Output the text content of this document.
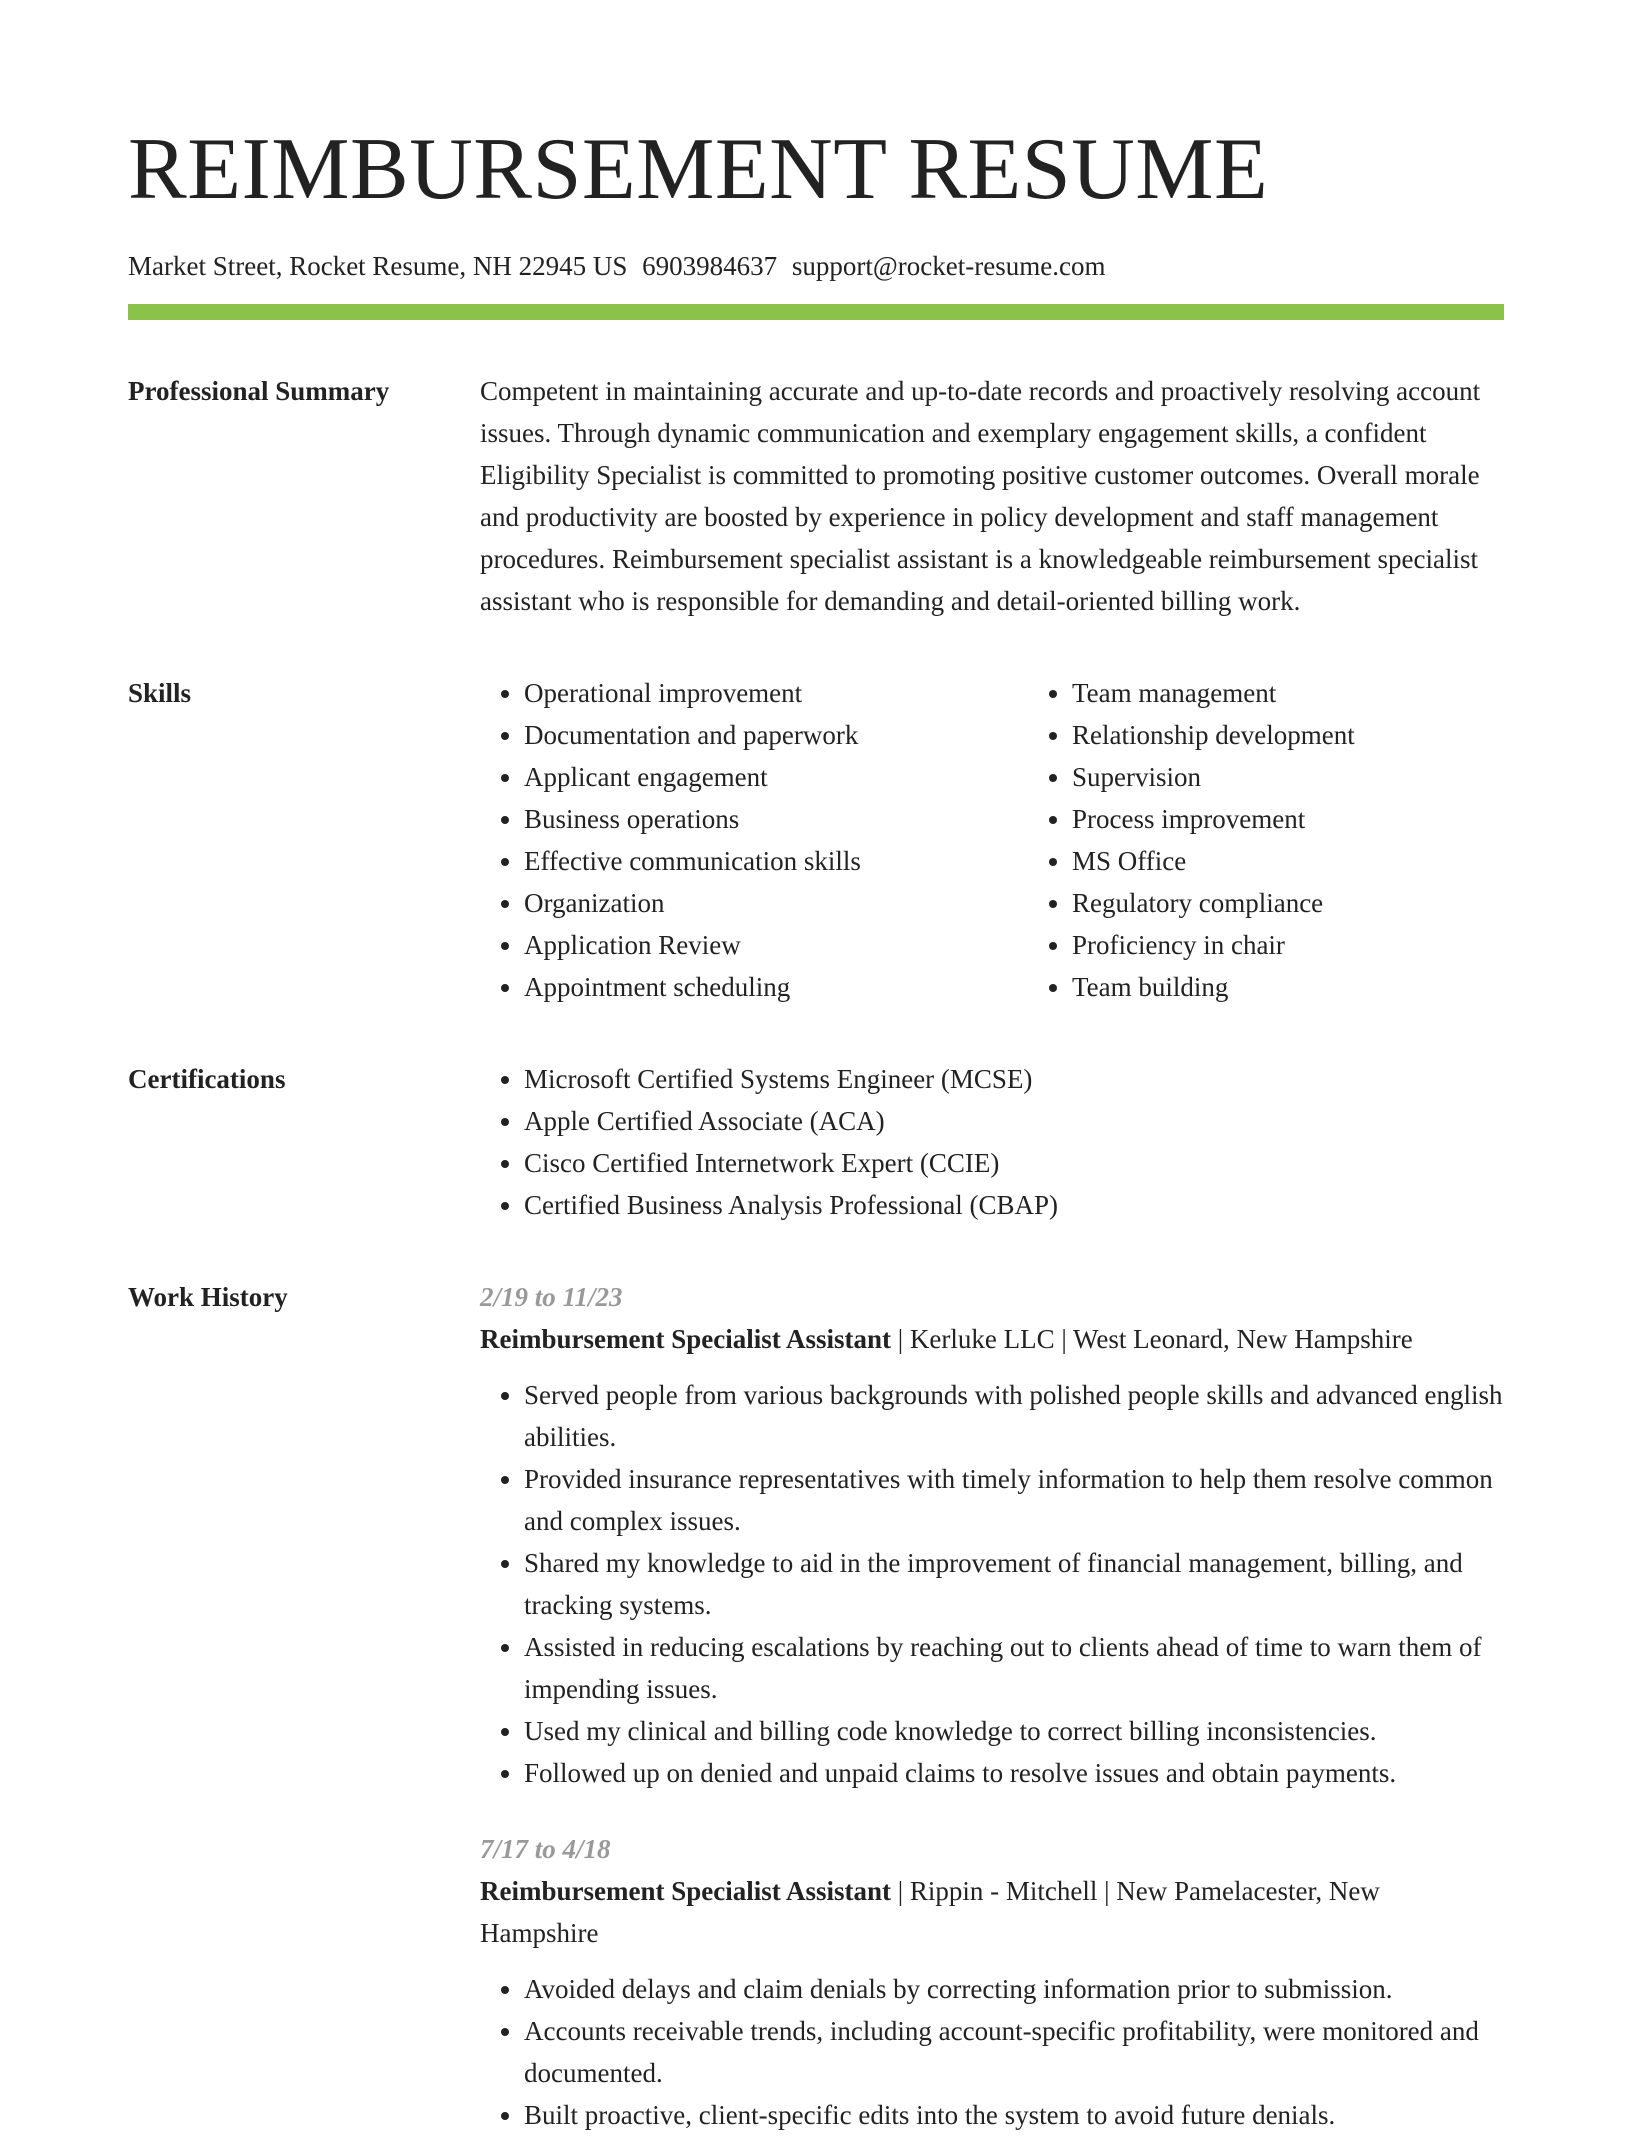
REIMBURSEMENT RESUME
Market Street, Rocket Resume, NH 22945 US 6903984637 support@rocket-resume.com
Professional Summary	Competent in maintaining accurate and up-to-date records and proactively resolving account issues. Through dynamic communication and exemplary engagement skills, a confident Eligibility Specialist is committed to promoting positive customer outcomes. Overall morale and productivity are boosted by experience in policy development and staff management procedures. Reimbursement specialist assistant is a knowledgeable reimbursement specialist assistant who is responsible for demanding and detail-oriented billing work.

Skills	• Operational improvement
• Documentation and paperwork
• Applicant engagement
• Business operations
• Effective communication skills
• Organization
• Application Review
• Appointment scheduling
• Team management
• Relationship development
• Supervision
• Process improvement
• MS Office
• Regulatory compliance
• Proficiency in chair
• Team building
Certifications	• Microsoft Certified Systems Engineer (MCSE)
• Apple Certified Associate (ACA)
• Cisco Certified Internetwork Expert (CCIE)
• Certified Business Analysis Professional (CBAP)
Work History	2/19 to 11/23
Reimbursement Specialist Assistant | Kerluke LLC | West Leonard, New Hampshire
• Served people from various backgrounds with polished people skills and advanced english abilities.
• Provided insurance representatives with timely information to help them resolve common and complex issues.
• Shared my knowledge to aid in the improvement of financial management, billing, and tracking systems.
• Assisted in reducing escalations by reaching out to clients ahead of time to warn them of impending issues.
• Used my clinical and billing code knowledge to correct billing inconsistencies.
• Followed up on denied and unpaid claims to resolve issues and obtain payments.
7/17 to 4/18
Reimbursement Specialist Assistant | Rippin - Mitchell | New Pamelacester, New Hampshire
• Avoided delays and claim denials by correcting information prior to submission.
• Accounts receivable trends, including account-specific profitability, were monitored and documented.
• Built proactive, client-specific edits into the system to avoid future denials.
